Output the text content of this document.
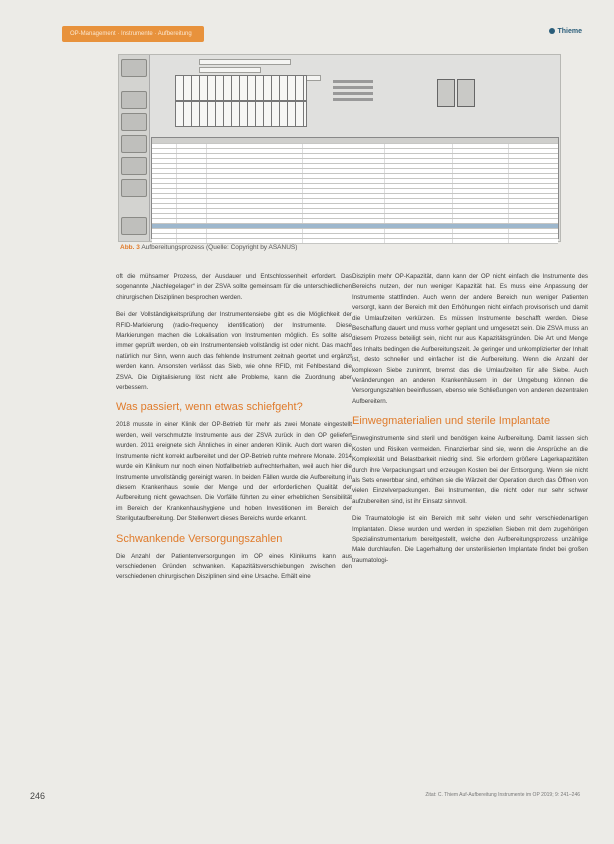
OP-Management · Instrumente · Aufbereitung	Thieme
Abb. 3 Aufbereitungsprozess (Quelle: Copyright by ASANUS)

oft die mühsamer Prozess, der Ausdauer und Entschlossenheit erfordert. Das sogenannte „Nachlegelager“ in der ZSVA sollte gemeinsam für die unterschiedlichen chirurgischen Disziplinen besprochen werden.

Bei der Vollständigkeitsprüfung der Instrumentensiebe gibt es die Möglichkeit der RFID-Markierung (radio-frequency identification) der Instrumente. Diese Markierungen machen die Lokalisation von Instrumenten möglich. Es sollte also immer geprüft werden, ob ein Instrumentensieb vollständig ist oder nicht. Das macht natürlich nur Sinn, wenn auch das fehlende Instrument zeitnah geortet und ergänzt werden kann. Ansonsten verlässt das Sieb, wie ohne RFID, mit Fehlbestand die ZSVA. Die Digitalisierung löst nicht alle Probleme, kann die Zuordnung aber verbessern.

Was passiert, wenn etwas schiefgeht?

2018 musste in einer Klinik der OP-Betrieb für mehr als zwei Monate eingestellt werden, weil verschmutzte Instrumente aus der ZSVA zurück in den OP geliefert wurden. 2011 ereignete sich Ähnliches in einer anderen Klinik. Auch dort waren die Instrumente nicht korrekt aufbereitet und der OP-Betrieb ruhte mehrere Monate. 2014 wurde ein Klinikum nur noch einen Notfallbetrieb aufrechterhalten, weil auch hier die Instrumente unvollständig gereinigt waren. In beiden Fällen wurde die Aufbereitung in diesem Krankenhaus sowie der Menge und der erforderlichen Qualität der Aufbereitung nicht gewachsen. Die Vorfälle führten zu einer erheblichen Sensibilität im Bereich der Krankenhaushygiene und hoben Investitionen im Bereich der Sterilgutaufbereitung. Der Stellenwert dieses Bereichs wurde erkannt.

Schwankende Versorgungszahlen

Die Anzahl der Patientenversorgungen im OP eines Klinikums kann aus verschiedenen Gründen schwanken. Kapazitätsverschiebungen zwischen den verschiedenen chirurgischen Disziplinen sind eine Ursache. Erhält eine

Disziplin mehr OP-Kapazität, dann kann der OP nicht einfach die Instrumente des Bereichs nutzen, der nun weniger Kapazität hat. Es muss eine Anpassung der Instrumente stattfinden. Auch wenn der andere Bereich nun weniger Patienten versorgt, kann der Bereich mit den Erhöhungen nicht einfach provisorisch und damit die Umlaufzeiten verkürzen. Es müssen Instrumente beschafft werden. Diese Beschaffung dauert und muss vorher geplant und umgesetzt sein. Die ZSVA muss an diesem Prozess beteiligt sein, nicht nur aus Kapazitätsgründen. Die Art und Menge des Inhalts bedingen die Aufbereitungszeit. Je geringer und unkomplizierter der Inhalt ist, desto schneller und einfacher ist die Aufbereitung. Wenn die Anzahl der komplexen Siebe zunimmt, bremst das die Umlaufzeiten für alle Siebe. Auch Veränderungen an anderen Krankenhäusern in der Umgebung können die Versorgungszahlen beeinflussen, ebenso wie Schließungen von anderen dezentralen Aufbereitern.

Einwegmaterialien und sterile Implantate

Einweginstrumente sind steril und benötigen keine Aufbereitung. Damit lassen sich Kosten und Risiken vermeiden. Finanzierbar sind sie, wenn die Ansprüche an die Komplexität und Belastbarkeit niedrig sind. Sie erfordern größere Lagerkapazitäten durch ihre Verpackungsart und erzeugen Kosten bei der Entsorgung. Wenn sie nicht als Sets erwerbbar sind, erhöhen sie die Wärzeit der Operation durch das Öffnen von vielen Einzelverpackungen. Bei Instrumenten, die nicht oder nur sehr schwer aufzubereiten sind, ist ihr Einsatz sinnvoll.

Die Traumatologie ist ein Bereich mit sehr vielen und sehr verschiedenartigen Implantaten. Diese wurden und werden in speziellen Sieben mit dem zugehörigen Spezialinstrumentarium bereitgestellt, welche den Aufbereitungsprozess unzählige Male durchlaufen. Die Lagerhaltung der unsterilisierten Implantate findet bei großen traumatologi-

246	Zitat: C. Thiem Auf-Aufbereitung Instrumente im OP 2019; 9: 241–246
